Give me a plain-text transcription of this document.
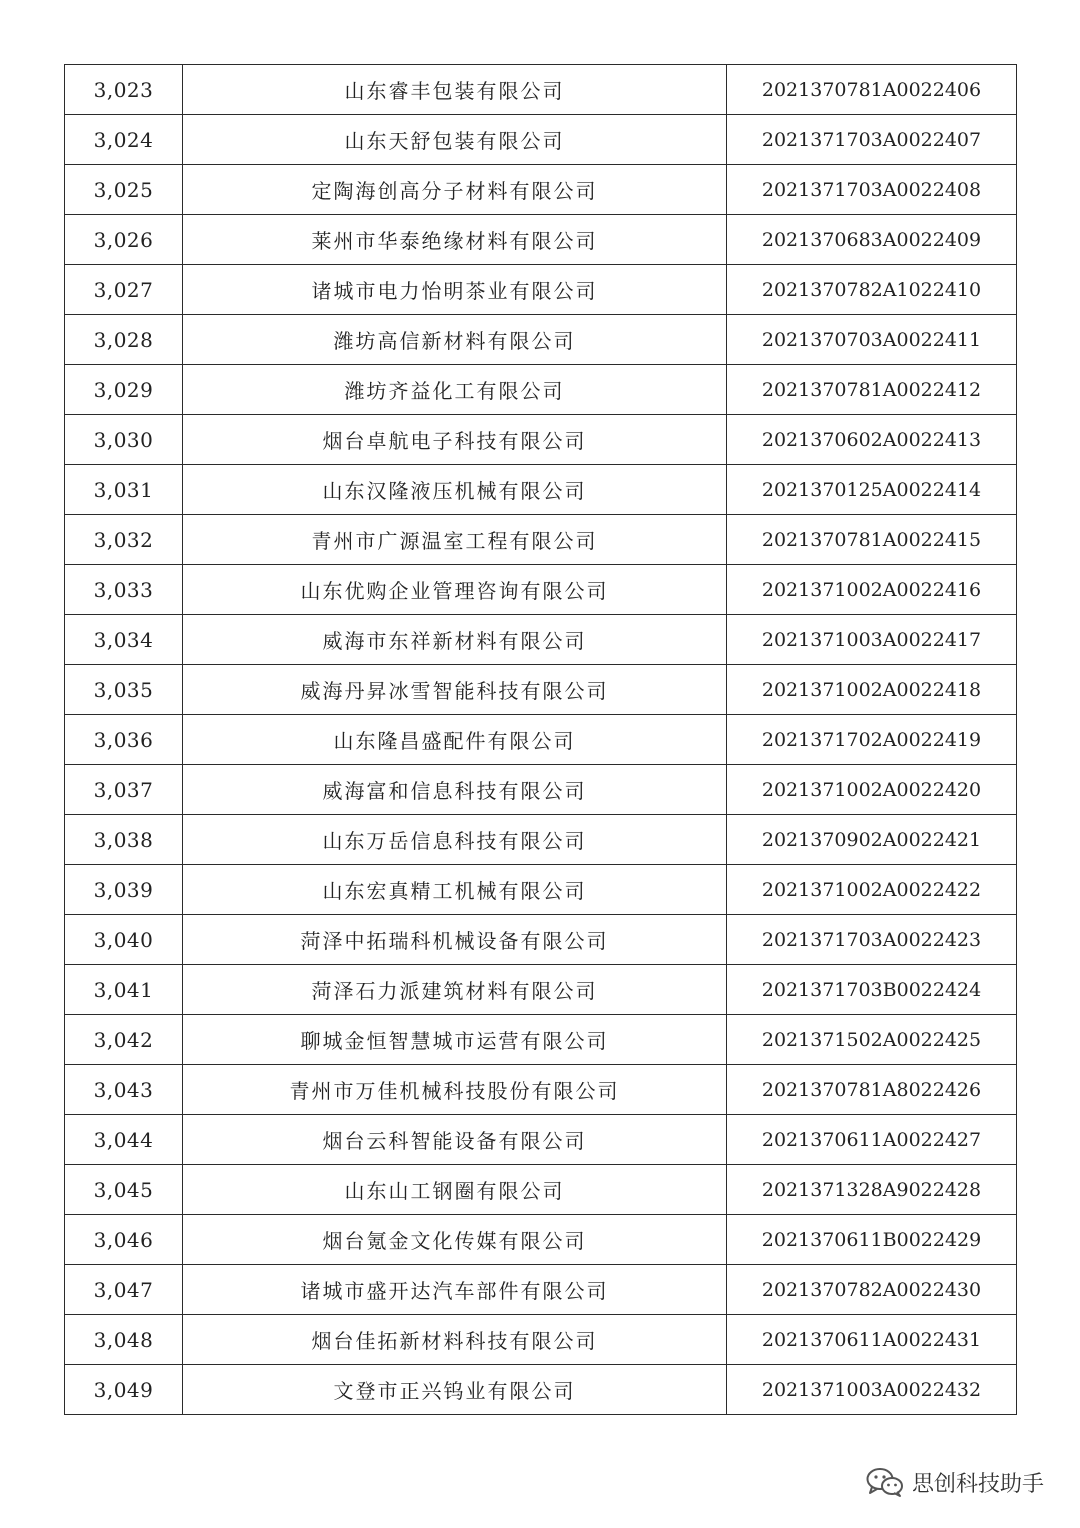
3,023	山东睿丰包装有限公司	2021370781A0022406
3,024	山东天舒包装有限公司	2021371703A0022407
3,025	定陶海创高分子材料有限公司	2021371703A0022408
3,026	莱州市华泰绝缘材料有限公司	2021370683A0022409
3,027	诸城市电力怡明茶业有限公司	2021370782A1022410
3,028	潍坊高信新材料有限公司	2021370703A0022411
3,029	潍坊齐益化工有限公司	2021370781A0022412
3,030	烟台卓航电子科技有限公司	2021370602A0022413
3,031	山东汉隆液压机械有限公司	2021370125A0022414
3,032	青州市广源温室工程有限公司	2021370781A0022415
3,033	山东优购企业管理咨询有限公司	2021371002A0022416
3,034	威海市东祥新材料有限公司	2021371003A0022417
3,035	威海丹昇冰雪智能科技有限公司	2021371002A0022418
3,036	山东隆昌盛配件有限公司	2021371702A0022419
3,037	威海富和信息科技有限公司	2021371002A0022420
3,038	山东万岳信息科技有限公司	2021370902A0022421
3,039	山东宏真精工机械有限公司	2021371002A0022422
3,040	菏泽中拓瑞科机械设备有限公司	2021371703A0022423
3,041	菏泽石力派建筑材料有限公司	2021371703B0022424
3,042	聊城金恒智慧城市运营有限公司	2021371502A0022425
3,043	青州市万佳机械科技股份有限公司	2021370781A8022426
3,044	烟台云科智能设备有限公司	2021370611A0022427
3,045	山东山工钢圈有限公司	2021371328A9022428
3,046	烟台氪金文化传媒有限公司	2021370611B0022429
3,047	诸城市盛开达汽车部件有限公司	2021370782A0022430
3,048	烟台佳拓新材料科技有限公司	2021370611A0022431
3,049	文登市正兴钨业有限公司	2021371003A0022432
思创科技助手
